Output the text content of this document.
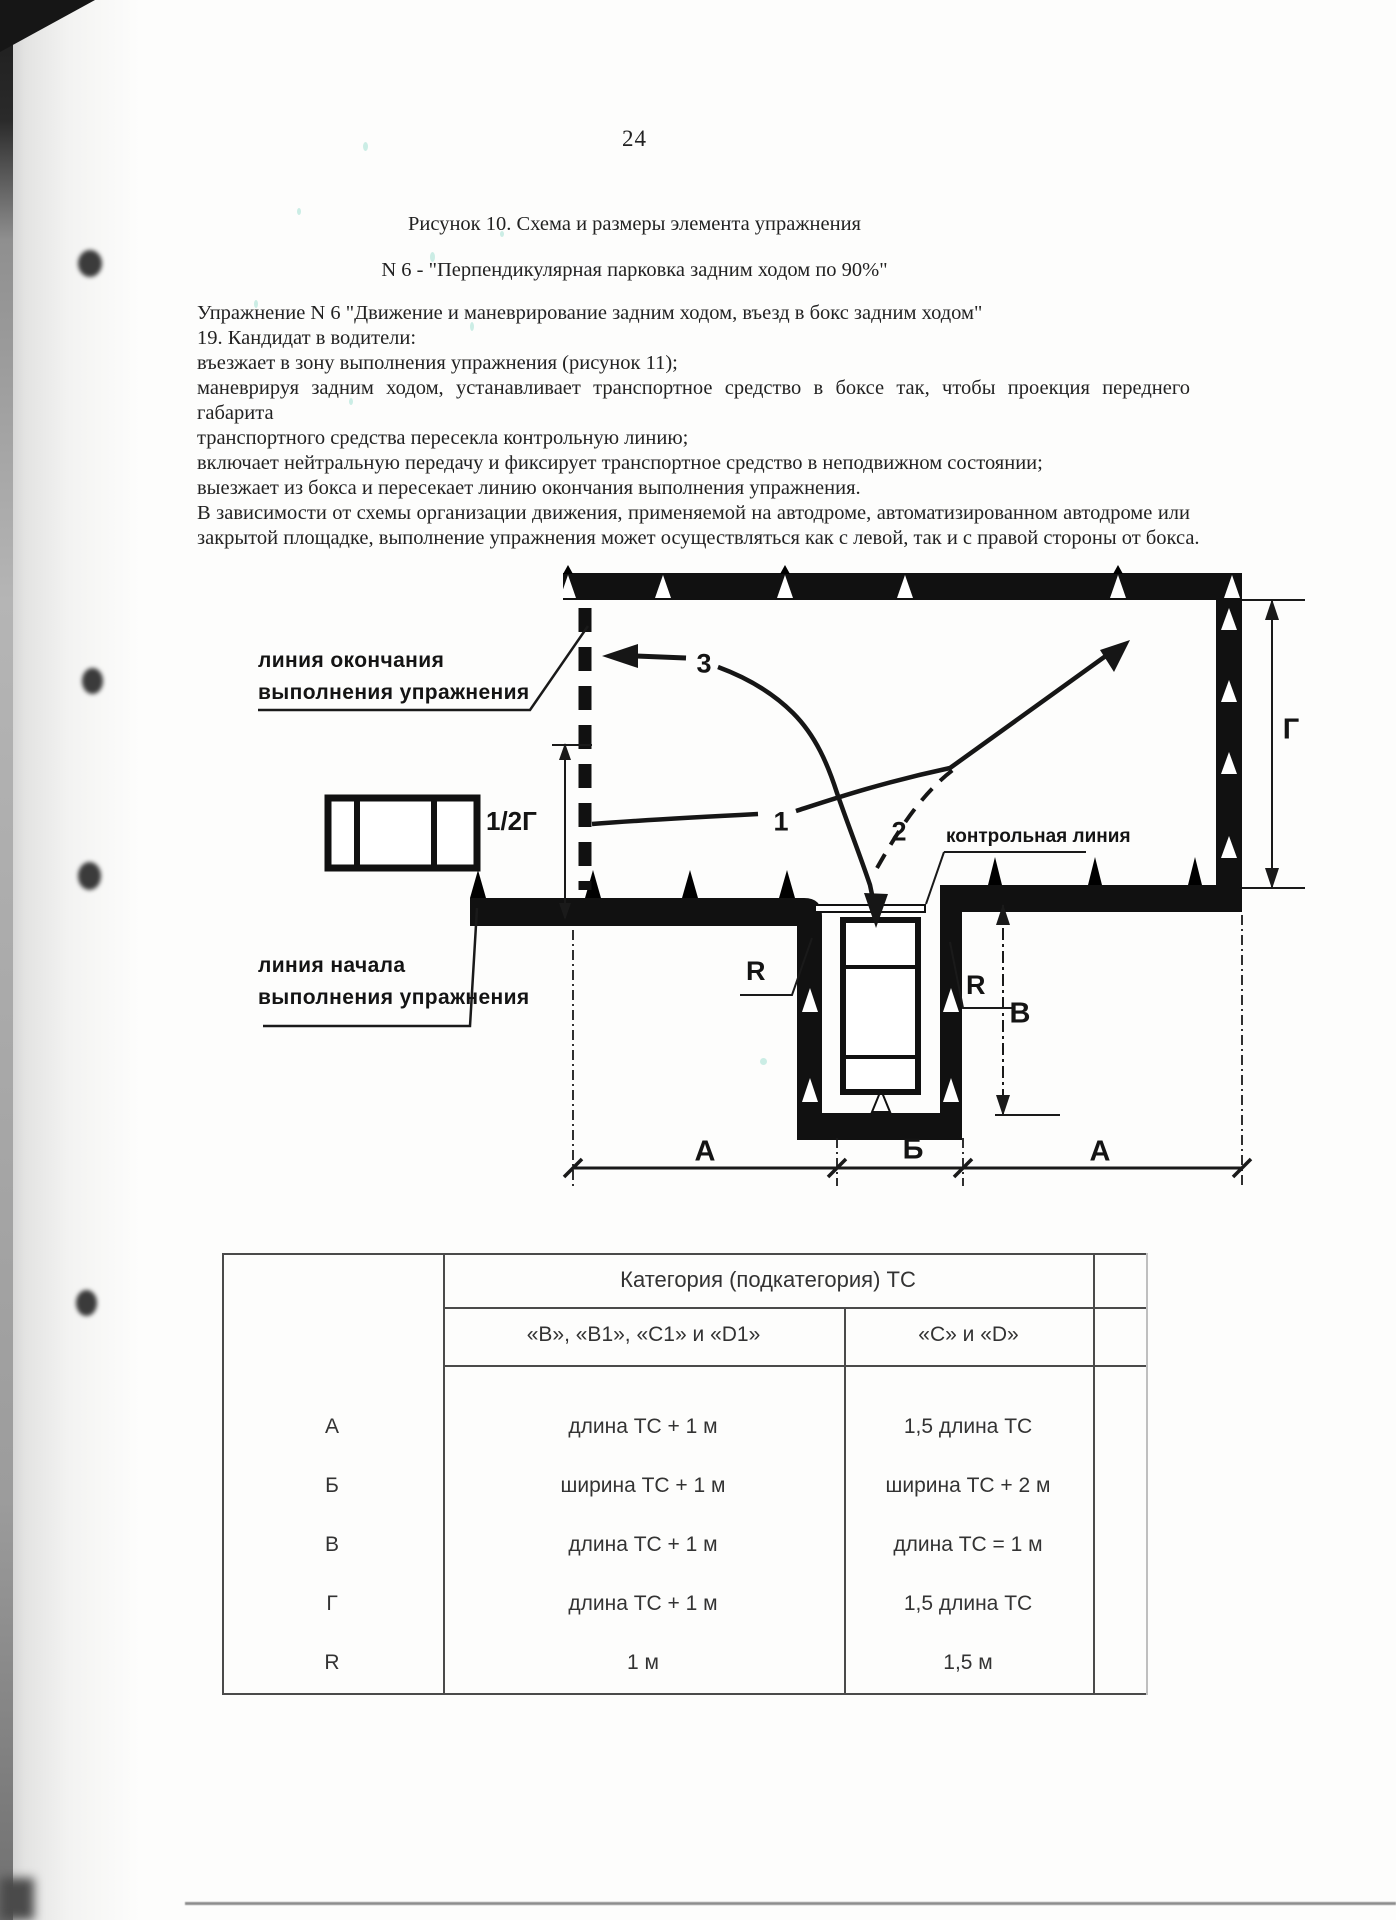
24
Рисунок 10. Схема и размеры элемента упражнения
N 6 - "Перпендикулярная парковка задним ходом по 90%"
Упражнение N 6 "Движение и маневрирование задним ходом, въезд в бокс задним ходом"
19. Кандидат в водители:
въезжает в зону выполнения упражнения (рисунок 11);
маневрируя задним ходом, устанавливает транспортное средство в боксе так, чтобы проекция переднего габарита
транспортного средства пересекла контрольную линию;
включает нейтральную передачу и фиксирует транспортное средство в неподвижном состоянии;
выезжает из бокса и пересекает линию окончания выполнения упражнения.
В зависимости от схемы организации движения, применяемой на автодроме, автоматизированном автодроме или
закрытой площадке, выполнение упражнения может осуществляться как с левой, так и с правой стороны от бокса.
линия окончания
выполнения упражнения
линия начала
выполнения упражнения
контрольная линия
1/2Г
Г
В
А	Б	А
R	R
1	2
3
Категория (подкатегория) ТС
«В», «В1», «С1» и «D1»	«С» и «D»
А	длина ТС + 1 м	1,5 длина ТС
Б	ширина ТС + 1 м	ширина ТС + 2 м
В	длина ТС + 1 м	длина ТС = 1 м
Г	длина ТС + 1 м	1,5 длина ТС
R	1 м	1,5 м
